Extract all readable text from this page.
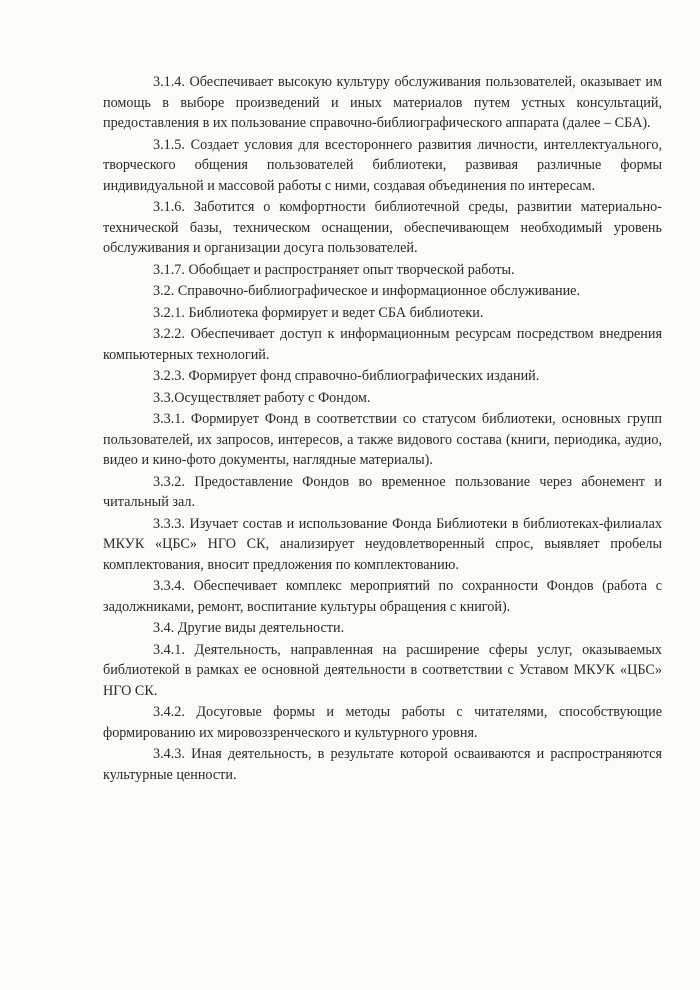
3.1.4. Обеспечивает высокую культуру обслуживания пользователей, оказывает им помощь в выборе произведений и иных материалов путем устных консультаций, предоставления в их пользование справочно-библиографического аппарата (далее – СБА).

3.1.5. Создает условия для всестороннего развития личности, интеллектуального, творческого общения пользователей библиотеки, развивая различные формы индивидуальной и массовой работы с ними, создавая объединения по интересам.

3.1.6. Заботится о комфортности библиотечной среды, развитии материально-технической базы, техническом оснащении, обеспечивающем необходимый уровень обслуживания и организации досуга пользователей.

3.1.7. Обобщает и распространяет опыт творческой работы.

3.2. Справочно-библиографическое и информационное обслуживание.

3.2.1. Библиотека формирует и ведет СБА библиотеки.

3.2.2. Обеспечивает доступ к информационным ресурсам посредством внедрения компьютерных технологий.

3.2.3. Формирует фонд справочно-библиографических изданий.

3.3.Осуществляет работу с Фондом.

3.3.1. Формирует Фонд в соответствии со статусом библиотеки, основных групп пользователей, их запросов, интересов, а также видового состава (книги, периодика, аудио, видео и кино-фото документы, наглядные материалы).

3.3.2. Предоставление Фондов во временное пользование через абонемент и читальный зал.

3.3.3. Изучает состав и использование Фонда Библиотеки в библиотеках-филиалах МКУК «ЦБС» НГО СК, анализирует неудовлетворенный спрос, выявляет пробелы комплектования, вносит предложения по комплектованию.

3.3.4. Обеспечивает комплекс мероприятий по сохранности Фондов (работа с задолжниками, ремонт, воспитание культуры обращения с книгой).

3.4. Другие виды деятельности.

3.4.1. Деятельность, направленная на расширение сферы услуг, оказываемых библиотекой в рамках ее основной деятельности в соответствии с Уставом МКУК «ЦБС» НГО СК.

3.4.2. Досуговые формы и методы работы с читателями, способствующие формированию их мировоззренческого и культурного уровня.

3.4.3. Иная деятельность, в результате которой осваиваются и распространяются культурные ценности.
